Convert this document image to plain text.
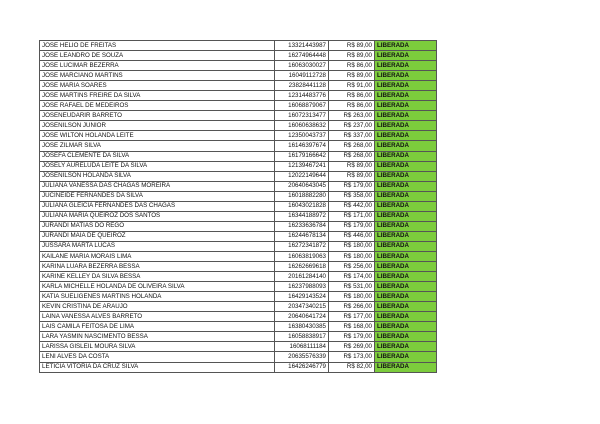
JOSE HELIO DE FREITAS	13321443987	R$ 89,00	LIBERADA
JOSE LEANDRO DE SOUZA	16274964448	R$ 89,00	LIBERADA
JOSE LUCIMAR BEZERRA	16063030027	R$ 86,00	LIBERADA
JOSE MARCIANO MARTINS	16049112728	R$ 89,00	LIBERADA
JOSE MARIA SOARES	23828441128	R$ 91,00	LIBERADA
JOSE MARTINS FREIRE DA SILVA	12314483776	R$ 86,00	LIBERADA
JOSE RAFAEL DE MEDEIROS	16068879067	R$ 86,00	LIBERADA
JOSENEUDARIR BARRETO	16072313477	R$ 263,00	LIBERADA
JOSENILSON JUNIOR	16060638632	R$ 237,00	LIBERADA
JOSE WILTON HOLANDA LEITE	12350043737	R$ 337,00	LIBERADA
JOSE ZILMAR SILVA	16146397674	R$ 268,00	LIBERADA
JOSEFA CLEMENTE DA SILVA	16179166642	R$ 268,00	LIBERADA
JOSELY AURELUDA LEITE DA SILVA	12139467241	R$ 89,00	LIBERADA
JOSENILSON HOLANDA SILVA	12022149644	R$ 89,00	LIBERADA
JULIANA VANESSA DAS CHAGAS MOREIRA	20640643045	R$ 179,00	LIBERADA
JUCINEIDE FERNANDES DA SILVA	16018882280	R$ 358,00	LIBERADA
JULIANA GLEICIA FERNANDES DAS CHAGAS	16043021828	R$ 442,00	LIBERADA
JULIANA MARIA QUEIROZ DOS SANTOS	16344188972	R$ 171,00	LIBERADA
JURANDI MATIAS DO REGO	16233636784	R$ 179,00	LIBERADA
JURANDI MAIA DE QUEIROZ	16244678134	R$ 446,00	LIBERADA
JUSSARA MARTA LUCAS	16272341872	R$ 180,00	LIBERADA
KAILANE MARIA MORAIS LIMA	16063819063	R$ 180,00	LIBERADA
KARINA LUARA BEZERRA BESSA	16262669618	R$ 256,00	LIBERADA
KARINE KELLEY DA SILVA BESSA	20161284140	R$ 174,00	LIBERADA
KARLA MICHELLE HOLANDA DE OLIVEIRA SILVA	16237988093	R$ 531,00	LIBERADA
KATIA SUELIGENES MARTINS HOLANDA	16429143524	R$ 180,00	LIBERADA
KEVIN CRISTINA DE ARAUJO	20347340215	R$ 266,00	LIBERADA
LAINA VANESSA ALVES BARRETO	20640641724	R$ 177,00	LIBERADA
LAIS CAMILA FEITOSA DE LIMA	16380430385	R$ 168,00	LIBERADA
LARA YASMIN NASCIMENTO BESSA	16058838917	R$ 179,00	LIBERADA
LARISSA GISLEIL MOURA SILVA	16068111184	R$ 269,00	LIBERADA
LENI ALVES DA COSTA	20635576339	R$ 173,00	LIBERADA
LETICIA VITORIA DA CRUZ SILVA	16426246779	R$ 82,00	LIBERADA
